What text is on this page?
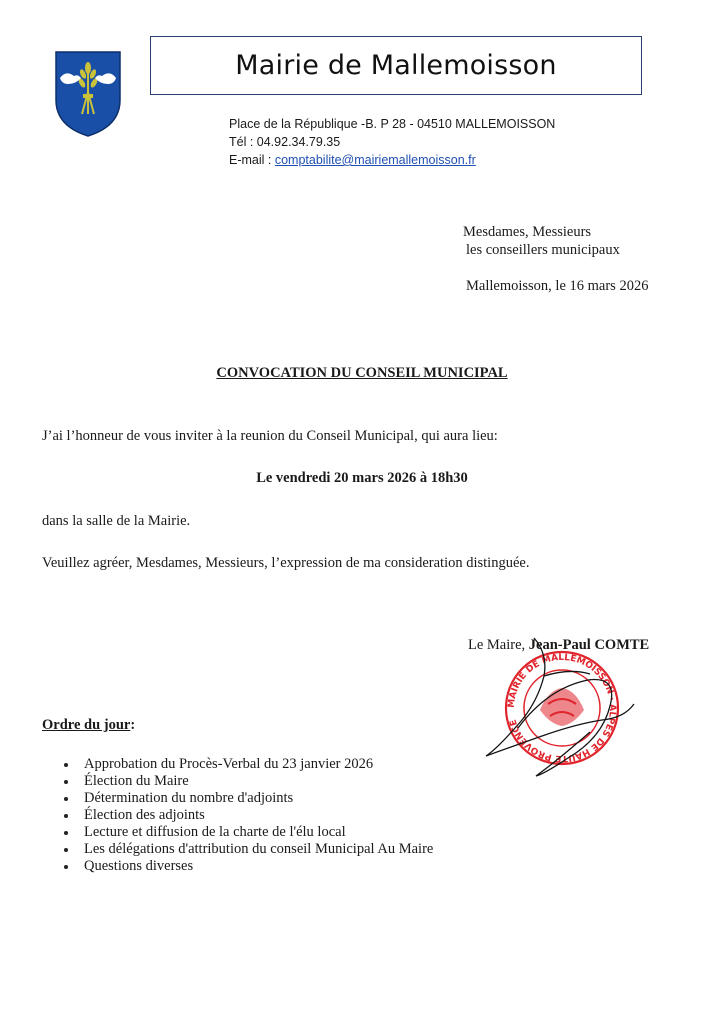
Mairie de Mallemoisson
Place de la République -B. P 28 - 04510 MALLEMOISSON
Tél : 04.92.34.79.35
E-mail : comptabilite@mairiemallemoisson.fr
Mesdames, Messieurs
les conseillers municipaux
Mallemoisson, le 16 mars 2026
CONVOCATION DU CONSEIL MUNICIPAL
J’ai l’honneur de vous inviter à la reunion du Conseil Municipal, qui aura lieu:
Le vendredi 20 mars 2026 à 18h30
dans la salle de la Mairie.
Veuillez agréer, Mesdames, Messieurs, l’expression de ma consideration distinguée.
Le Maire, Jean-Paul COMTE
MAIRIE DE MALLEMOISSON · ALPES DE HAUTE PROVENCE
Ordre du jour:
Approbation du Procès-Verbal du 23 janvier 2026
Élection du Maire
Détermination du nombre d'adjoints
Élection des adjoints
Lecture et diffusion de la charte de l'élu local
Les délégations d'attribution du conseil Municipal Au Maire
Questions diverses
